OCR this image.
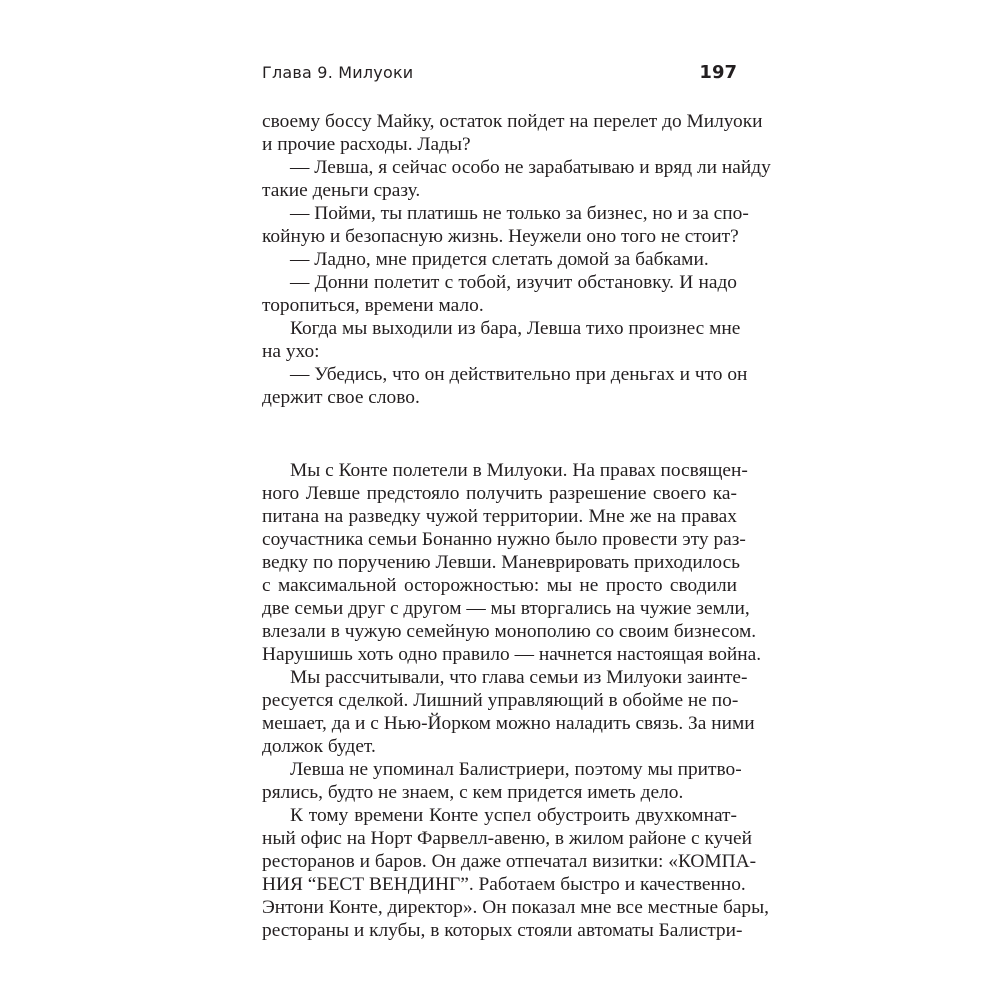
Глава 9. Милуоки	197
своему боссу Майку, остаток пойдет на перелет до Милуоки
и прочие расходы. Лады?
— Левша, я сейчас особо не зарабатываю и вряд ли найду
такие деньги сразу.
— Пойми, ты платишь не только за бизнес, но и за спо-
койную и безопасную жизнь. Неужели оно того не стоит?
— Ладно, мне придется слетать домой за бабками.
— Донни полетит с тобой, изучит обстановку. И надо
торопиться, времени мало.
Когда мы выходили из бара, Левша тихо произнес мне
на ухо:
— Убедись, что он действительно при деньгах и что он
держит свое слово.
Мы с Конте полетели в Милуоки. На правах посвящен-
ного Левше предстояло получить разрешение своего ка-
питана на разведку чужой территории. Мне же на правах
соучастника семьи Бонанно нужно было провести эту раз-
ведку по поручению Левши. Маневрировать приходилось
с максимальной осторожностью: мы не просто сводили
две семьи друг с другом — мы вторгались на чужие земли,
влезали в чужую семейную монополию со своим бизнесом.
Нарушишь хоть одно правило — начнется настоящая война.
Мы рассчитывали, что глава семьи из Милуоки заинте-
ресуется сделкой. Лишний управляющий в обойме не по-
мешает, да и с Нью-Йорком можно наладить связь. За ними
должок будет.
Левша не упоминал Балистриери, поэтому мы притво-
рялись, будто не знаем, с кем придется иметь дело.
К тому времени Конте успел обустроить двухкомнат-
ный офис на Норт Фарвелл-авеню, в жилом районе с кучей
ресторанов и баров. Он даже отпечатал визитки: «КОМПА-
НИЯ “БЕСТ ВЕНДИНГ”. Работаем быстро и качественно.
Энтони Конте, директор». Он показал мне все местные бары,
рестораны и клубы, в которых стояли автоматы Балистри-
